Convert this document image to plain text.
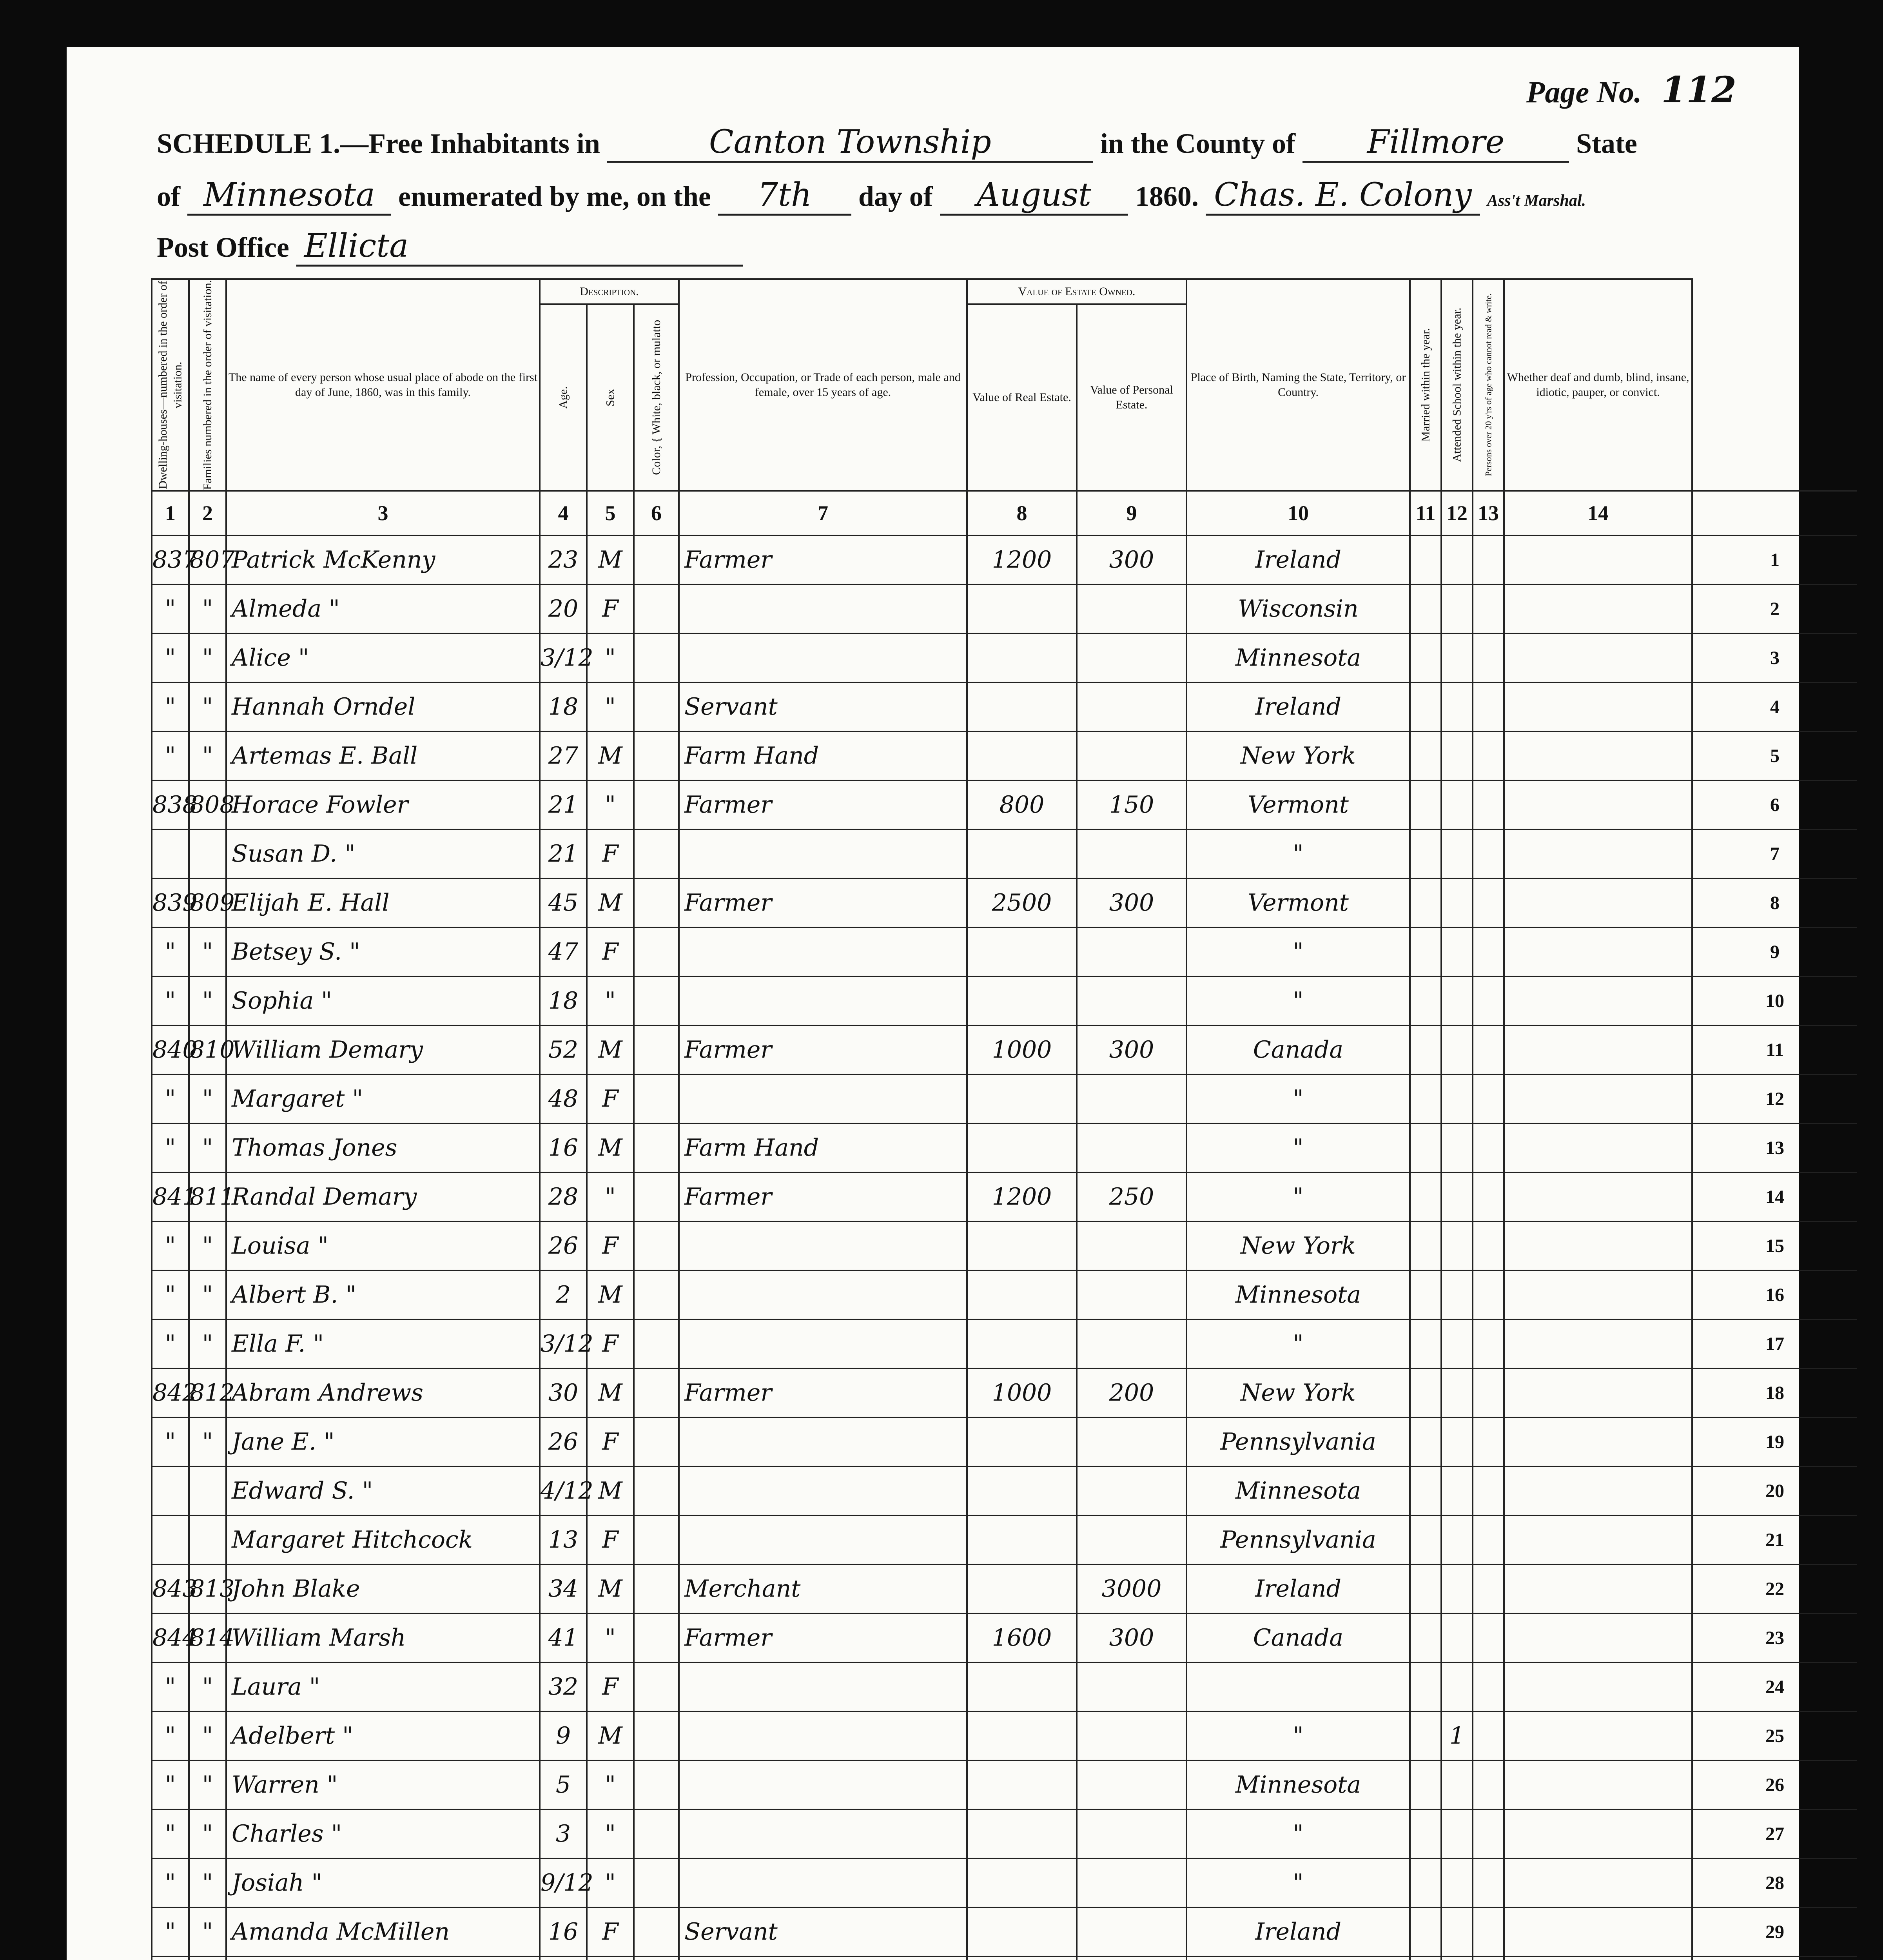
Page No. 112
SCHEDULE 1.—Free Inhabitants in	Canton Township	in the County of Fillmore	State
of Minnesota enumerated by me, on the 7th day of August 1860. Chas. E. Colony Ass't Marshal.
Post Office Ellicta
Dwelling-houses—numbered in the order of visitation.	Families numbered in the order of visitation.	The name of every person whose usual place of abode on the first day of June, 1860, was in this family.	Description.			Profession, Occupation, or Trade of each person, male and female, over 15 years of age.	Value of Estate Owned.		Place of Birth, Naming the State, Territory, or Country.	Married within the year.	Attended School within the year.	Persons over 20 y'rs of age who cannot read & write.	Whether deaf and dumb, blind, insane, idiotic, pauper, or convict.	
			Age.	Sex	Color, { White, black, or mulatto		Value of Real Estate.	Value of Personal Estate.						
1	2	3	4	5	6	7	8	9	10	11	12	13	14	
837	807	Patrick McKenny	23	M		Farmer	1200	300	Ireland					1
"	"	Almeda "	20	F					Wisconsin					2
"	"	Alice "	3/12	"					Minnesota					3
"	"	Hannah Orndel	18	"		Servant			Ireland					4
"	"	Artemas E. Ball	27	M		Farm Hand			New York					5
838	808	Horace Fowler	21	"		Farmer	800	150	Vermont					6
		Susan D. "	21	F					"					7
839	809	Elijah E. Hall	45	M		Farmer	2500	300	Vermont					8
"	"	Betsey S. "	47	F					"					9
"	"	Sophia "	18	"					"					10
840	810	William Demary	52	M		Farmer	1000	300	Canada					11
"	"	Margaret "	48	F					"					12
"	"	Thomas Jones	16	M		Farm Hand			"					13
841	811	Randal Demary	28	"		Farmer	1200	250	"					14
"	"	Louisa "	26	F					New York					15
"	"	Albert B. "	2	M					Minnesota					16
"	"	Ella F. "	3/12	F					"					17
842	812	Abram Andrews	30	M		Farmer	1000	200	New York					18
"	"	Jane E. "	26	F					Pennsylvania					19
		Edward S. "	4/12	M					Minnesota					20
		Margaret Hitchcock	13	F					Pennsylvania					21
843	813	John Blake	34	M		Merchant		3000	Ireland					22
844	814	William Marsh	41	"		Farmer	1600	300	Canada					23
"	"	Laura "	32	F										24
"	"	Adelbert "	9	M					"		1			25
"	"	Warren "	5	"					Minnesota					26
"	"	Charles "	3	"					"					27
"	"	Josiah "	9/12	"					"					28
"	"	Amanda McMillen	16	F		Servant			Ireland					29
